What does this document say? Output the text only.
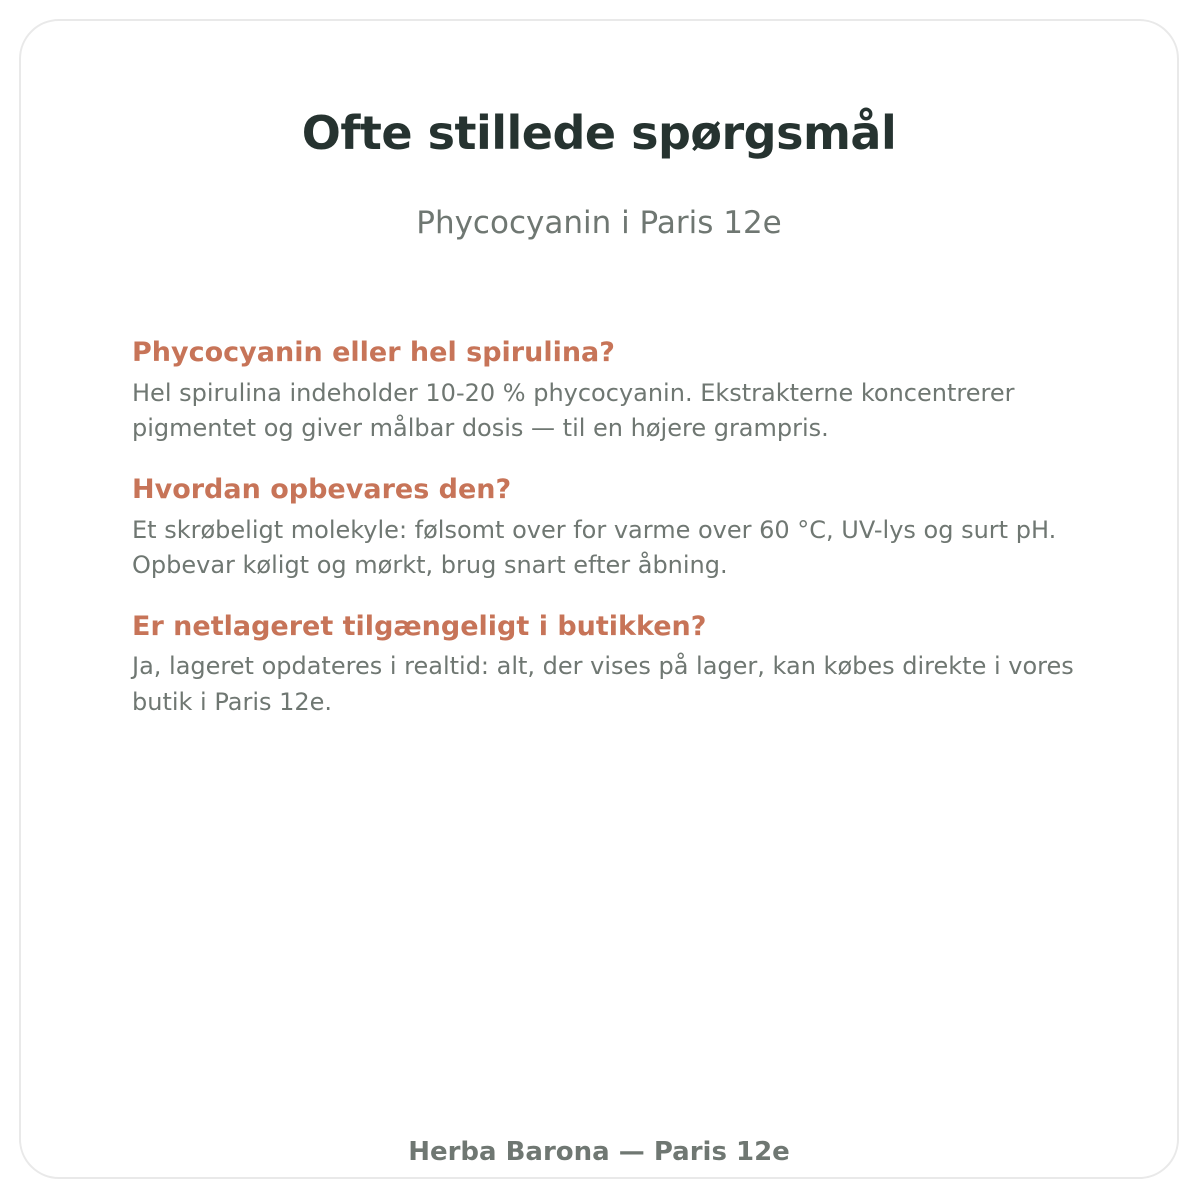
Ofte stillede spørgsmål

Phycocyanin i Paris 12e

Phycocyanin eller hel spirulina?

Hel spirulina indeholder 10-20 % phycocyanin. Ekstrakterne koncentrerer pigmentet og giver målbar dosis — til en højere grampris.

Hvordan opbevares den?

Et skrøbeligt molekyle: følsomt over for varme over 60 °C, UV-lys og surt pH. Opbevar køligt og mørkt, brug snart efter åbning.

Er netlageret tilgængeligt i butikken?

Ja, lageret opdateres i realtid: alt, der vises på lager, kan købes direkte i vores butik i Paris 12e.

Herba Barona — Paris 12e
